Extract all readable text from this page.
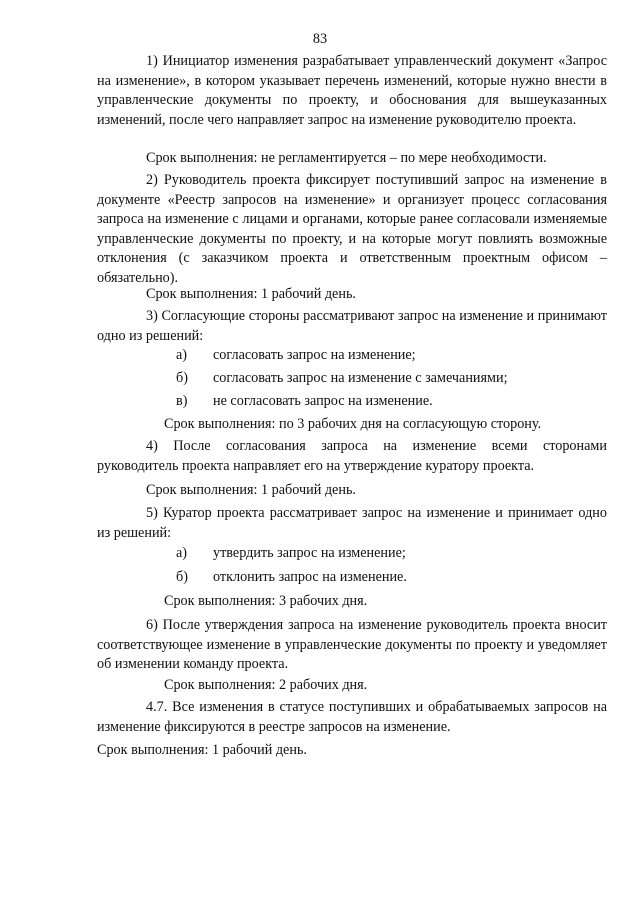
83

1) Инициатор изменения разрабатывает управленческий документ «Запрос на изменение», в котором указывает перечень изменений, которые нужно внести в управленческие документы по проекту, и обоснования для вышеуказанных изменений, после чего направляет запрос на изменение руководителю проекта.

Срок выполнения: не регламентируется – по мере необходимости.

2) Руководитель проекта фиксирует поступивший запрос на изменение в документе «Реестр запросов на изменение» и организует процесс согласования запроса на изменение с лицами и органами, которые ранее согласовали изменяемые управленческие документы по проекту, и на которые могут повлиять возможные отклонения (с заказчиком проекта и ответственным проектным офисом – обязательно).

Срок выполнения: 1 рабочий день.

3) Согласующие стороны рассматривают запрос на изменение и принимают одно из решений:

а) согласовать запрос на изменение;
б) согласовать запрос на изменение с замечаниями;
в) не согласовать запрос на изменение.
Срок выполнения: по 3 рабочих дня на согласующую сторону.

4) После согласования запроса на изменение всеми сторонами руководитель проекта направляет его на утверждение куратору проекта.

Срок выполнения: 1 рабочий день.

5) Куратор проекта рассматривает запрос на изменение и принимает одно из решений:

а) утвердить запрос на изменение;
б) отклонить запрос на изменение.
Срок выполнения: 3 рабочих дня.

6) После утверждения запроса на изменение руководитель проекта вносит соответствующее изменение в управленческие документы по проекту и уведомляет об изменении команду проекта.

Срок выполнения: 2 рабочих дня.

4.7. Все изменения в статусе поступивших и обрабатываемых запросов на изменение фиксируются в реестре запросов на изменение.

Срок выполнения: 1 рабочий день.
